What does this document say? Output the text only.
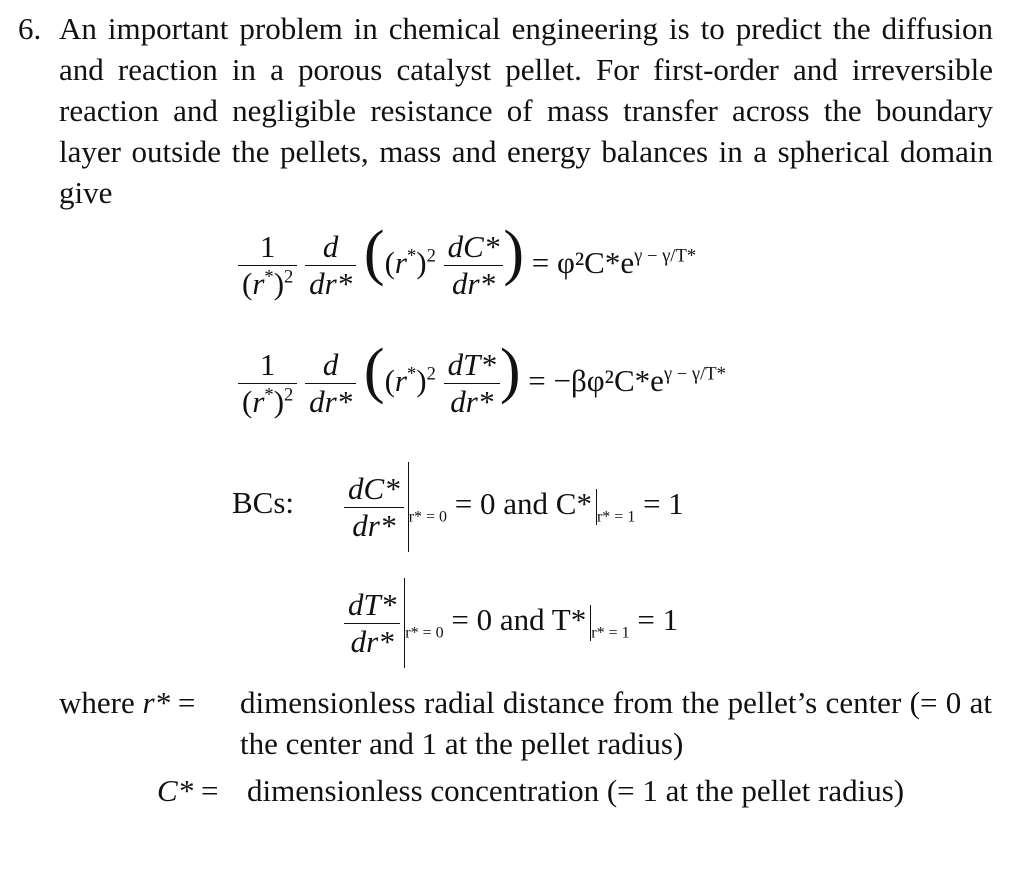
6. An important problem in chemical engineering is to predict the diffusion and reaction in a porous catalyst pellet. For first-order and irreversible reaction and negligible resistance of mass transfer across the boundary layer outside the pellets, mass and energy balances in a spherical domain give
$\frac{1}{(r^*)^2}$
$\frac{d}{dr*} ((r^*)^2 \frac{dC*}{dr*}$ ) = $\varphi^2C*e^{\gamma - \gamma/T*}$
$\frac{1}{(r^*)^2}$
$\frac{d}{dr*} ((r^*)^2 \frac{dT*}{dr*}$ ) = $-\beta\varphi^2C*e^{\gamma - \gamma/T*}$
BCs: $\frac{dC*}{dr*} _{r* = 0} = 0$ and C* $_{r* = 1}$ = 1
$\frac{dT*}{dr*} _{r* = 0} = 0$ and T* $_{r* = 1}$ = 1
where r* = dimensionless radial distance from the pellet’s center (= 0 at the center and 1 at the pellet radius)
C* = dimensionless concentration (= 1 at the pellet radius)
